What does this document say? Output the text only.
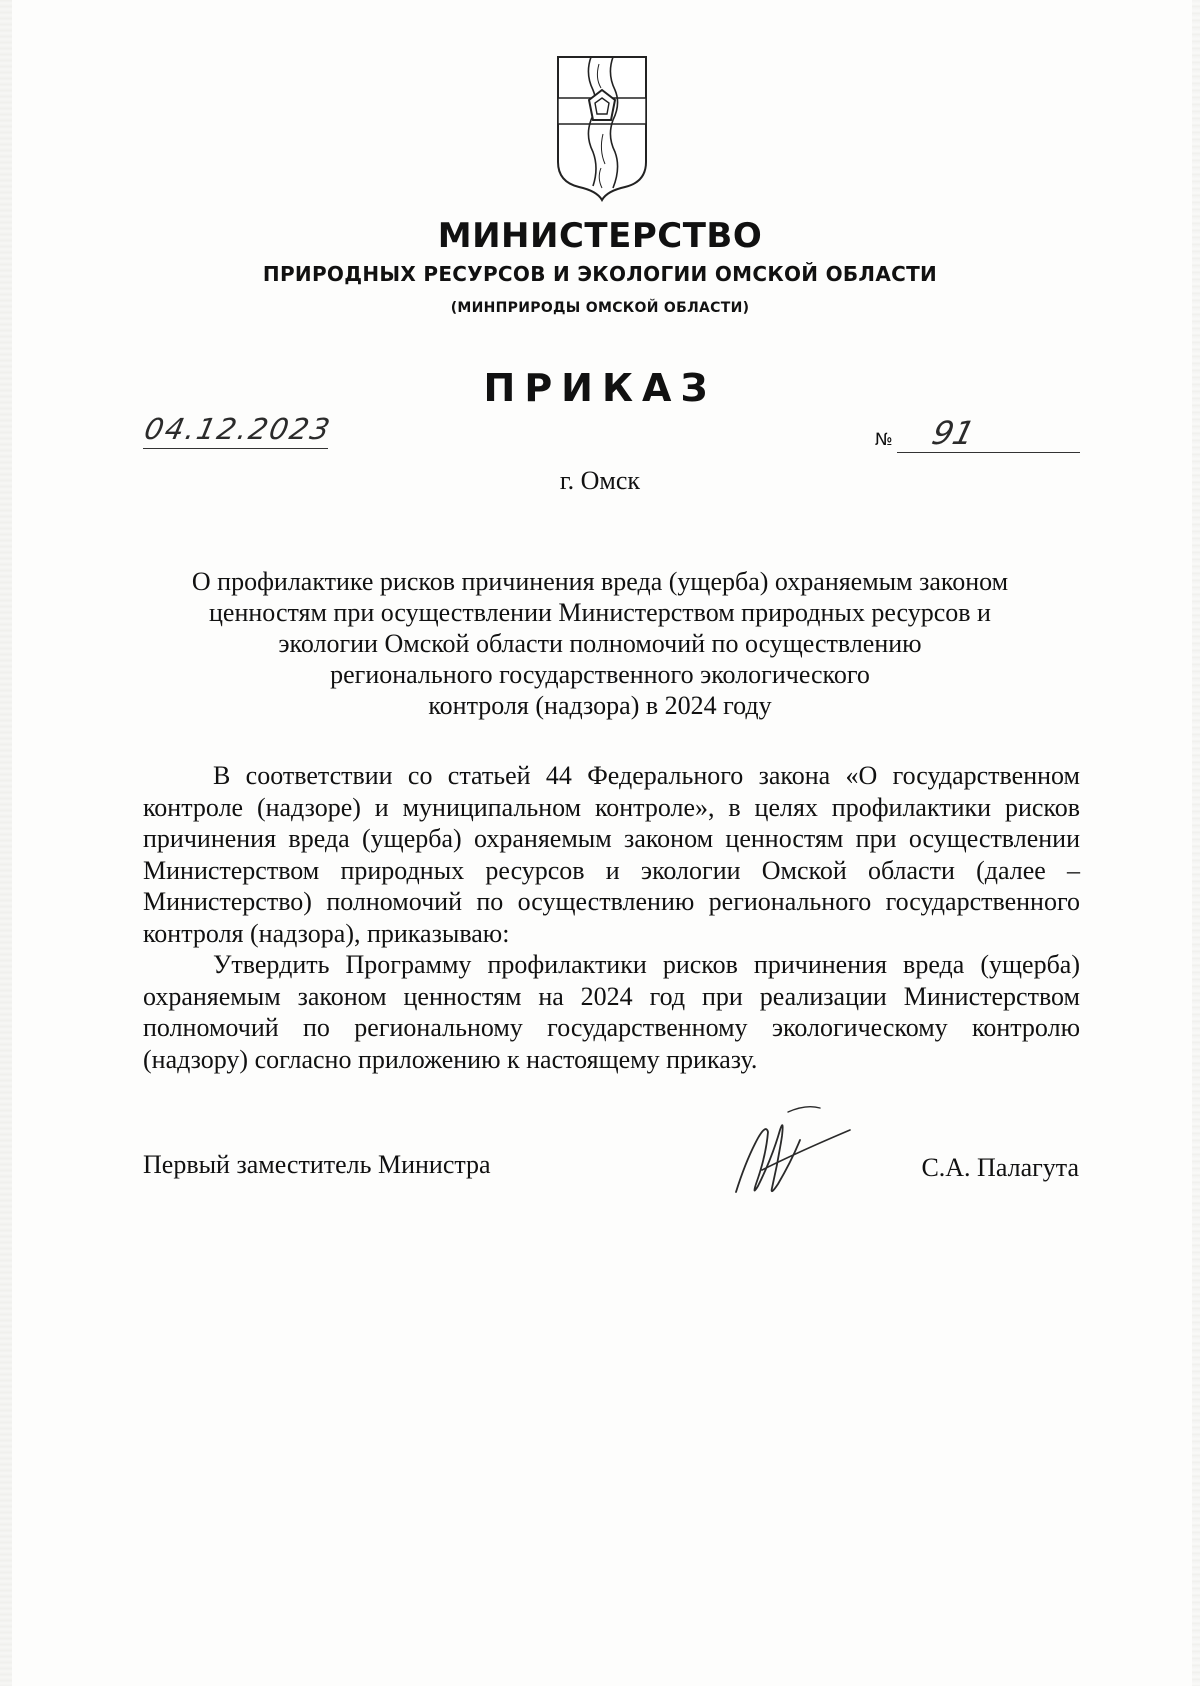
МИНИСТЕРСТВО
ПРИРОДНЫХ РЕСУРСОВ И ЭКОЛОГИИ ОМСКОЙ ОБЛАСТИ
(МИНПРИРОДЫ ОМСКОЙ ОБЛАСТИ)
ПРИКАЗ
04.12.2023	№ 91
г. Омск
О профилактике рисков причинения вреда (ущерба) охраняемым законом
ценностям при осуществлении Министерством природных ресурсов и
экологии Омской области полномочий по осуществлению
регионального государственного экологического
контроля (надзора) в 2024 году

В соответствии со статьей 44 Федерального закона «О государственном контроле (надзоре) и муниципальном контроле», в целях профилактики рисков причинения вреда (ущерба) охраняемым законом ценностям при осуществлении Министерством природных ресурсов и экологии Омской области (далее – Министерство) полномочий по осуществлению регионального государственного контроля (надзора), приказываю:

Утвердить Программу профилактики рисков причинения вреда (ущерба) охраняемым законом ценностям на 2024 год при реализации Министерством полномочий по региональному государственному экологическому контролю (надзору) согласно приложению к настоящему приказу.

Первый заместитель Министра	С.А. Палагута
